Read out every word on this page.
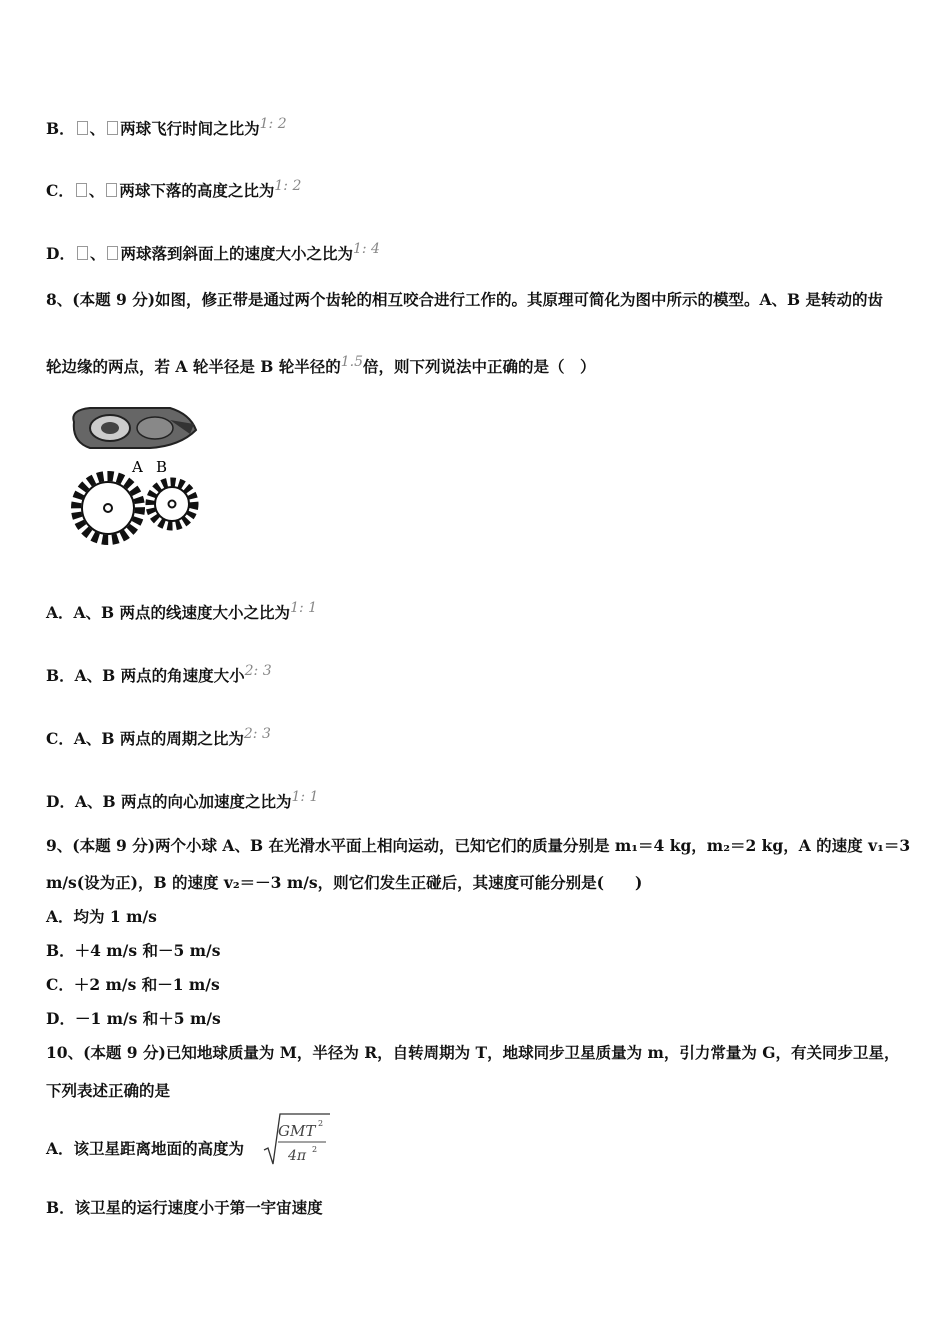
B． 、 两球飞行时间之比为1: 2
C． 、 两球下落的高度之比为1: 2
D． 、 两球落到斜面上的速度大小之比为1: 4
8、(本题 9 分)如图，修正带是通过两个齿轮的相互咬合进行工作的。其原理可简化为图中所示的模型。A、B 是转动的齿
轮边缘的两点，若 A 轮半径是 B 轮半径的1.5倍，则下列说法中正确的是（　）
A B
A．A、B 两点的线速度大小之比为1: 1
B．A、B 两点的角速度大小2: 3
C．A、B 两点的周期之比为2: 3
D．A、B 两点的向心加速度之比为1: 1
9、(本题 9 分)两个小球 A、B 在光滑水平面上相向运动，已知它们的质量分别是 m₁＝4 kg，m₂＝2 kg，A 的速度 v₁＝3
m/s(设为正)，B 的速度 v₂＝－3 m/s，则它们发生正碰后，其速度可能分别是(　　)
A．均为 1 m/s
B．＋4 m/s 和－5 m/s
C．＋2 m/s 和－1 m/s
D．－1 m/s 和＋5 m/s
10、(本题 9 分)已知地球质量为 M，半径为 R，自转周期为 T，地球同步卫星质量为 m，引力常量为 G，有关同步卫星，
下列表述正确的是
A．该卫星距离地面的高度为
GMT 2
4π 2
B．该卫星的运行速度小于第一宇宙速度
